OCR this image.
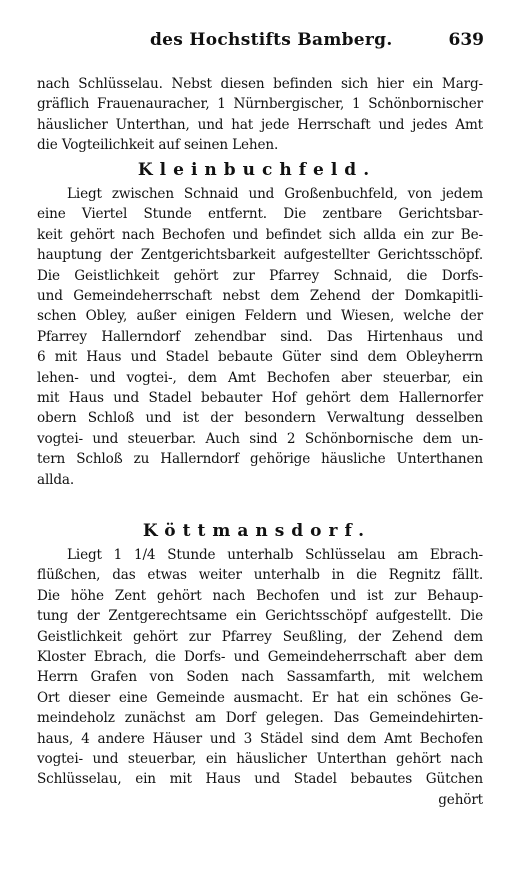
des Hochstifts Bamberg.	639
nach Schlüsselau. Nebst diesen befinden sich hier ein Marg-
gräflich Frauenauracher, 1 Nürnbergischer, 1 Schönbornischer
häuslicher Unterthan, und hat jede Herrschaft und jedes Amt
die Vogteilichkeit auf seinen Lehen.
Kleinbuchfeld.
Liegt zwischen Schnaid und Großenbuchfeld, von jedem
eine Viertel Stunde entfernt. Die zentbare Gerichtsbar-
keit gehört nach Bechofen und befindet sich allda ein zur Be-
hauptung der Zentgerichtsbarkeit aufgestellter Gerichtsschöpf.
Die Geistlichkeit gehört zur Pfarrey Schnaid, die Dorfs-
und Gemeindeherrschaft nebst dem Zehend der Domkapitli-
schen Obley, außer einigen Feldern und Wiesen, welche der
Pfarrey Hallerndorf zehendbar sind. Das Hirtenhaus und
6 mit Haus und Stadel bebaute Güter sind dem Obleyherrn
lehen- und vogtei-, dem Amt Bechofen aber steuerbar, ein
mit Haus und Stadel bebauter Hof gehört dem Hallernorfer
obern Schloß und ist der besondern Verwaltung desselben
vogtei- und steuerbar. Auch sind 2 Schönbornische dem un-
tern Schloß zu Hallerndorf gehörige häusliche Unterthanen
allda.
Köttmansdorf.
Liegt 1 1/4 Stunde unterhalb Schlüsselau am Ebrach-
flüßchen, das etwas weiter unterhalb in die Regnitz fällt.
Die höhe Zent gehört nach Bechofen und ist zur Behaup-
tung der Zentgerechtsame ein Gerichtsschöpf aufgestellt. Die
Geistlichkeit gehört zur Pfarrey Seußling, der Zehend dem
Kloster Ebrach, die Dorfs- und Gemeindeherrschaft aber dem
Herrn Grafen von Soden nach Sassamfarth, mit welchem
Ort dieser eine Gemeinde ausmacht. Er hat ein schönes Ge-
meindeholz zunächst am Dorf gelegen. Das Gemeindehirten-
haus, 4 andere Häuser und 3 Städel sind dem Amt Bechofen
vogtei- und steuerbar, ein häuslicher Unterthan gehört nach
Schlüsselau, ein mit Haus und Stadel bebautes Gütchen
gehört
